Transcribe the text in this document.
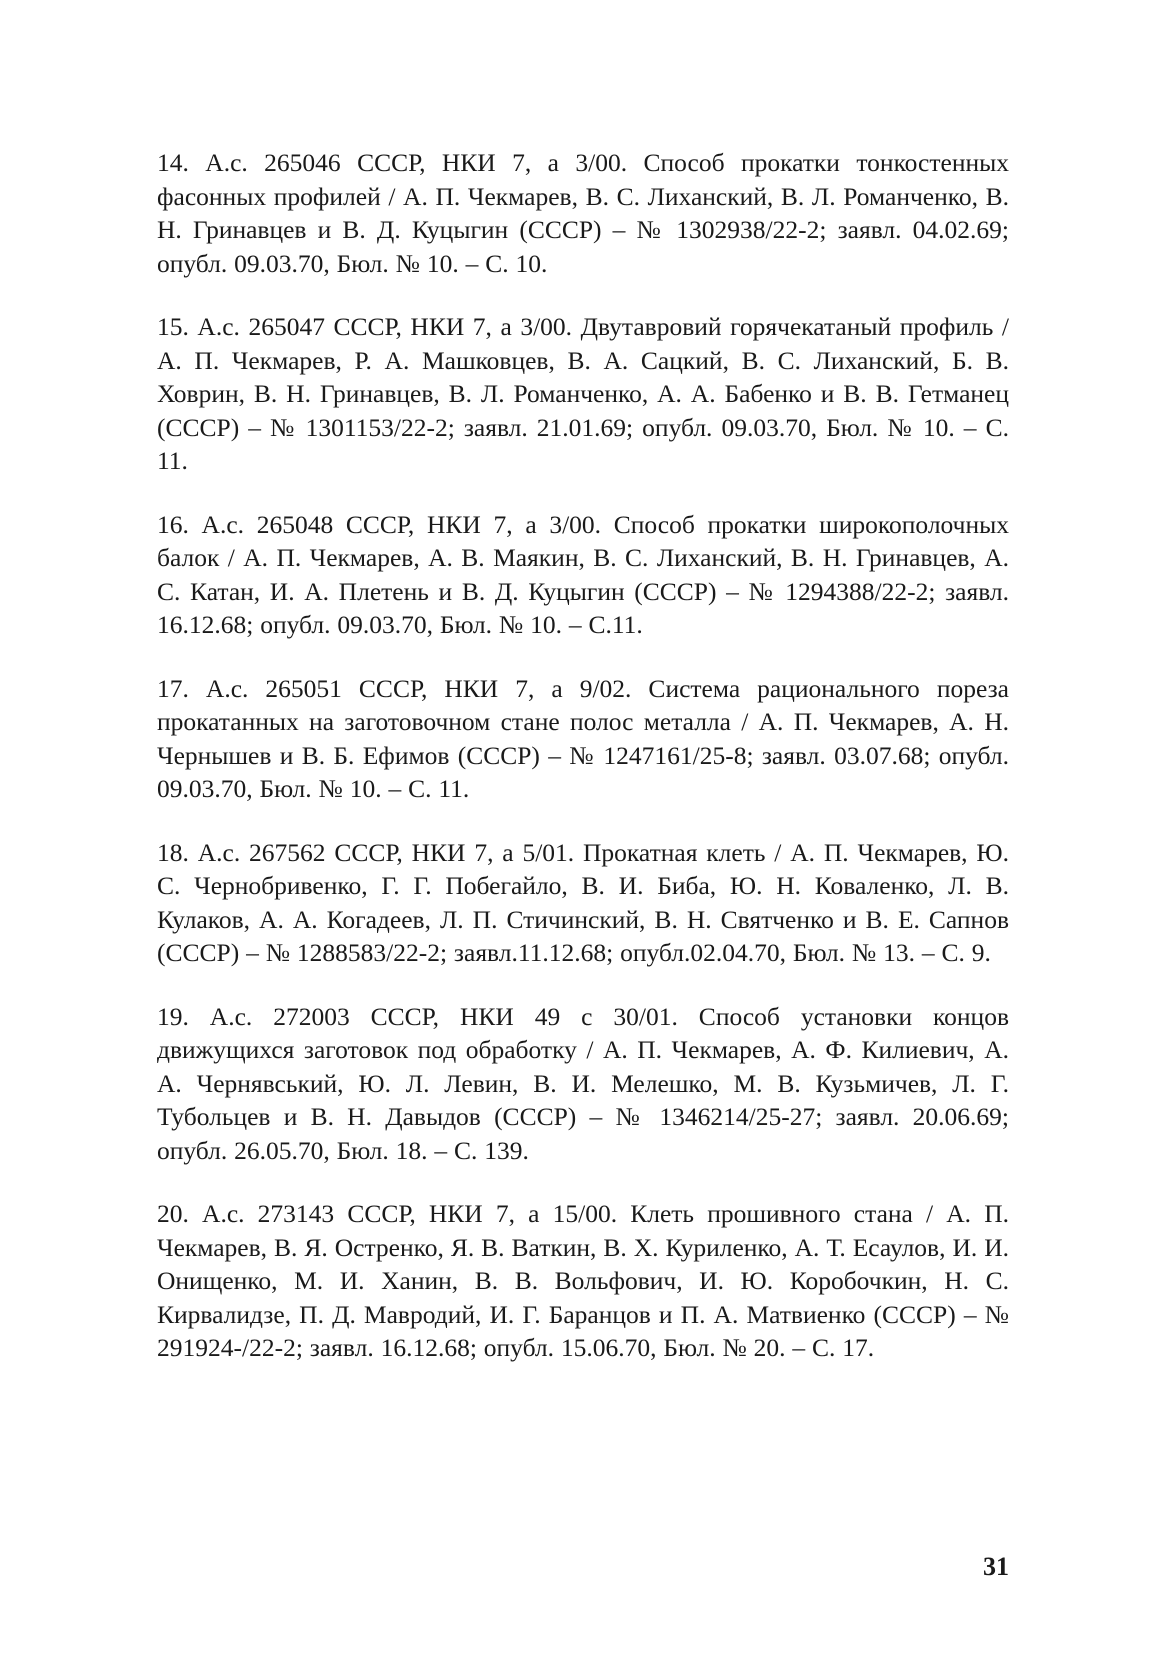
14. А.с. 265046 СССР, НКИ 7, а 3/00. Способ прокатки тонкостенных фасонных профилей / А. П. Чекмарев, В. С. Лиханский, В. Л. Романченко, В. Н. Гринавцев и В. Д. Куцыгин (СССР) – № 1302938/22-2; заявл. 04.02.69; опубл. 09.03.70, Бюл. № 10. – С. 10.

15. А.с. 265047 СССР, НКИ 7, а 3/00. Двутавровий горячекатаный профиль / А. П. Чекмарев, Р. А. Машковцев, В. А. Сацкий, В. С. Лиханский, Б. В. Ховрин, В. Н. Гринавцев, В. Л. Романченко, А. А. Бабенко и В. В. Гетманец (СССР) – № 1301153/22-2; заявл. 21.01.69; опубл. 09.03.70, Бюл. № 10. – С. 11.

16. А.с. 265048 СССР, НКИ 7, а 3/00. Способ прокатки широкополочных балок / А. П. Чекмарев, А. В. Маякин, В. С. Лиханский, В. Н. Гринавцев, А. С. Катан, И. А. Плетень и В. Д. Куцыгин (СССР) – № 1294388/22-2; заявл. 16.12.68; опубл. 09.03.70, Бюл. № 10. – С.11.

17. А.с. 265051 СССР, НКИ 7, а 9/02. Система рационального пореза прокатанных на заготовочном стане полос металла / А. П. Чекмарев, А. Н. Чернышев и В. Б. Ефимов (СССР) – № 1247161/25-8; заявл. 03.07.68; опубл. 09.03.70, Бюл. № 10. – С. 11.

18. А.с. 267562 СССР, НКИ 7, а 5/01. Прокатная клеть / А. П. Чекмарев, Ю. С. Чернобривенко, Г. Г. Побегайло, В. И. Биба, Ю. Н. Коваленко, Л. В. Кулаков, А. А. Когадеев, Л. П. Стичинский, В. Н. Святченко и В. Е. Сапнов (СССР) – № 1288583/22-2; заявл.11.12.68; опубл.02.04.70, Бюл. № 13. – С. 9.

19. А.с. 272003 СССР, НКИ 49 с 30/01. Способ установки концов движущихся заготовок под обработку / А. П. Чекмарев, А. Ф. Килиевич, А. А. Чернявський, Ю. Л. Левин, В. И. Мелешко, М. В. Кузьмичев, Л. Г. Тубольцев и В. Н. Давыдов (СССР) – № 1346214/25-27; заявл. 20.06.69; опубл. 26.05.70, Бюл. 18. – С. 139.

20. А.с. 273143 СССР, НКИ 7, а 15/00. Клеть прошивного стана / А. П. Чекмарев, В. Я. Остренко, Я. В. Ваткин, В. Х. Куриленко, А. Т. Есаулов, И. И. Онищенко, М. И. Ханин, В. В. Вольфович, И. Ю. Коробочкин, Н. С. Кирвалидзе, П. Д. Мавродий, И. Г. Баранцов и П. А. Матвиенко (СССР) – № 291924-/22-2; заявл. 16.12.68; опубл. 15.06.70, Бюл. № 20. – С. 17.

31
